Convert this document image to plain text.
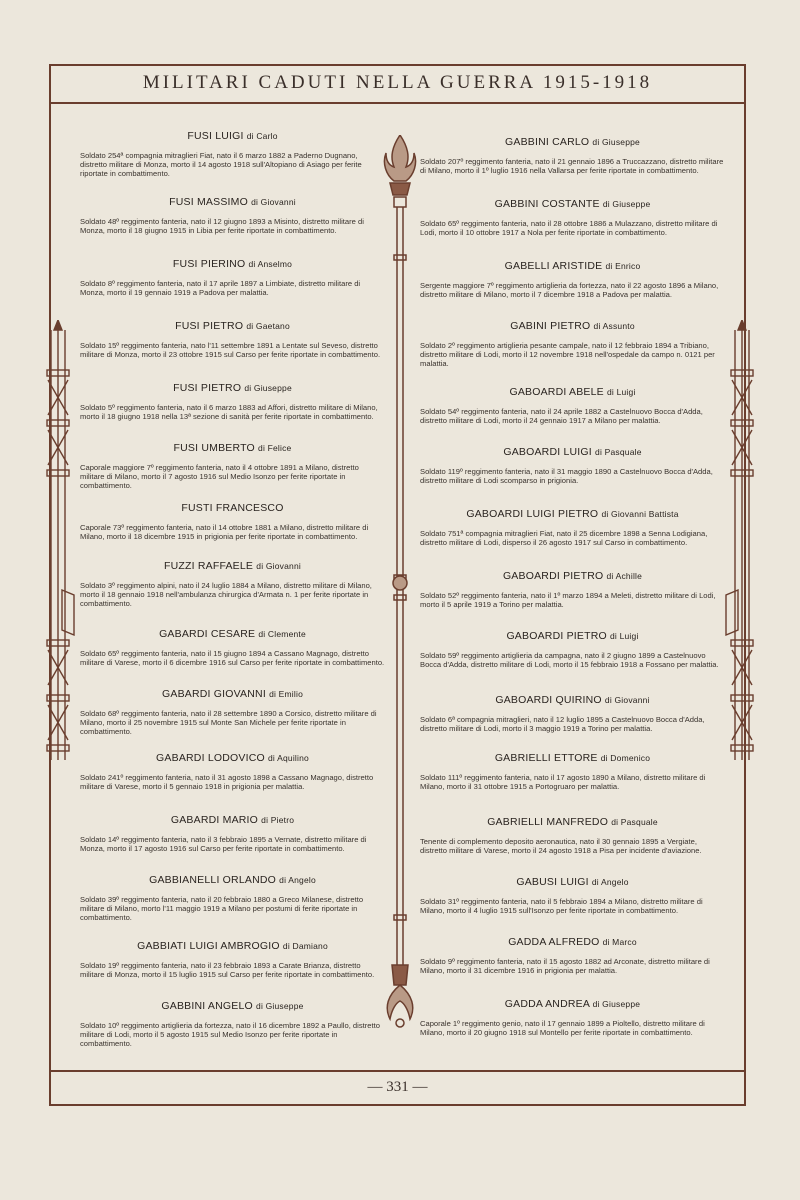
MILITARI CADUTI NELLA GUERRA 1915-1918
FUSI LUIGI di Carlo
Soldato 254ª compagnia mitraglieri Fiat, nato il 6 marzo 1882 a Paderno Dugnano, distretto militare di Monza, morto il 14 agosto 1918 sull'Altopiano di Asiago per ferite riportate in combattimento.
FUSI MASSIMO di Giovanni
Soldato 48º reggimento fanteria, nato il 12 giugno 1893 a Misinto, distretto militare di Monza, morto il 18 giugno 1915 in Libia per ferite riportate in combattimento.
FUSI PIERINO di Anselmo
Soldato 8º reggimento fanteria, nato il 17 aprile 1897 a Limbiate, distretto militare di Monza, morto il 19 gennaio 1919 a Padova per malattia.
FUSI PIETRO di Gaetano
Soldato 15º reggimento fanteria, nato l'11 settembre 1891 a Lentate sul Seveso, distretto militare di Monza, morto il 23 ottobre 1915 sul Carso per ferite riportate in combattimento.
FUSI PIETRO di Giuseppe
Soldato 5º reggimento fanteria, nato il 6 marzo 1883 ad Affori, distretto militare di Milano, morto il 18 giugno 1918 nella 13ª sezione di sanità per ferite riportate in combattimento.
FUSI UMBERTO di Felice
Caporale maggiore 7º reggimento fanteria, nato il 4 ottobre 1891 a Milano, distretto militare di Milano, morto il 7 agosto 1916 sul Medio Isonzo per ferite riportate in combattimento.
FUSTI FRANCESCO
Caporale 73º reggimento fanteria, nato il 14 ottobre 1881 a Milano, distretto militare di Milano, morto il 18 dicembre 1915 in prigionia per ferite riportate in combattimento.
FUZZI RAFFAELE di Giovanni
Soldato 3º reggimento alpini, nato il 24 luglio 1884 a Milano, distretto militare di Milano, morto il 18 gennaio 1918 nell'ambulanza chirurgica d'Armata n. 1 per ferite riportate in combattimento.
GABARDI CESARE di Clemente
Soldato 65º reggimento fanteria, nato il 15 giugno 1894 a Cassano Magnago, distretto militare di Varese, morto il 6 dicembre 1916 sul Carso per ferite riportate in combattimento.
GABARDI GIOVANNI di Emilio
Soldato 68º reggimento fanteria, nato il 28 settembre 1890 a Corsico, distretto militare di Milano, morto il 25 novembre 1915 sul Monte San Michele per ferite riportate in combattimento.
GABARDI LODOVICO di Aquilino
Soldato 241º reggimento fanteria, nato il 31 agosto 1898 a Cassano Magnago, distretto militare di Varese, morto il 5 gennaio 1918 in prigionia per malattia.
GABARDI MARIO di Pietro
Soldato 14º reggimento fanteria, nato il 3 febbraio 1895 a Vernate, distretto militare di Monza, morto il 17 agosto 1916 sul Carso per ferite riportate in combattimento.
GABBIANELLI ORLANDO di Angelo
Soldato 39º reggimento fanteria, nato il 20 febbraio 1880 a Greco Milanese, distretto militare di Milano, morto l'11 maggio 1919 a Milano per postumi di ferite riportate in combattimento.
GABBIATI LUIGI AMBROGIO di Damiano
Soldato 19º reggimento fanteria, nato il 23 febbraio 1893 a Carate Brianza, distretto militare di Monza, morto il 15 luglio 1915 sul Carso per ferite riportate in combattimento.
GABBINI ANGELO di Giuseppe
Soldato 10º reggimento artiglieria da fortezza, nato il 16 dicembre 1892 a Paullo, distretto militare di Lodi, morto il 5 agosto 1915 sul Medio Isonzo per ferite riportate in combattimento.
GABBINI CARLO di Giuseppe
Soldato 207º reggimento fanteria, nato il 21 gennaio 1896 a Truccazzano, distretto militare di Milano, morto il 1º luglio 1916 nella Vallarsa per ferite riportate in combattimento.
GABBINI COSTANTE di Giuseppe
Soldato 65º reggimento fanteria, nato il 28 ottobre 1886 a Mulazzano, distretto militare di Lodi, morto il 10 ottobre 1917 a Nola per ferite riportate in combattimento.
GABELLI ARISTIDE di Enrico
Sergente maggiore 7º reggimento artiglieria da fortezza, nato il 22 agosto 1896 a Milano, distretto militare di Milano, morto il 7 dicembre 1918 a Padova per malattia.
GABINI PIETRO di Assunto
Soldato 2º reggimento artiglieria pesante campale, nato il 12 febbraio 1894 a Tribiano, distretto militare di Lodi, morto il 12 novembre 1918 nell'ospedale da campo n. 0121 per malattia.
GABOARDI ABELE di Luigi
Soldato 54º reggimento fanteria, nato il 24 aprile 1882 a Castelnuovo Bocca d'Adda, distretto militare di Lodi, morto il 24 gennaio 1917 a Milano per malattia.
GABOARDI LUIGI di Pasquale
Soldato 119º reggimento fanteria, nato il 31 maggio 1890 a Castelnuovo Bocca d'Adda, distretto militare di Lodi scomparso in prigionia.
GABOARDI LUIGI PIETRO di Giovanni Battista
Soldato 751ª compagnia mitraglieri Fiat, nato il 25 dicembre 1898 a Senna Lodigiana, distretto militare di Lodi, disperso il 26 agosto 1917 sul Carso in combattimento.
GABOARDI PIETRO di Achille
Soldato 52º reggimento fanteria, nato il 1º marzo 1894 a Meleti, distretto militare di Lodi, morto il 5 aprile 1919 a Torino per malattia.
GABOARDI PIETRO di Luigi
Soldato 59º reggimento artiglieria da campagna, nato il 2 giugno 1899 a Castelnuovo Bocca d'Adda, distretto militare di Lodi, morto il 15 febbraio 1918 a Fossano per malattia.
GABOARDI QUIRINO di Giovanni
Soldato 6ª compagnia mitraglieri, nato il 12 luglio 1895 a Castelnuovo Bocca d'Adda, distretto militare di Lodi, morto il 3 maggio 1919 a Torino per malattia.
GABRIELLI ETTORE di Domenico
Soldato 111º reggimento fanteria, nato il 17 agosto 1890 a Milano, distretto militare di Milano, morto il 31 ottobre 1915 a Portogruaro per malattia.
GABRIELLI MANFREDO di Pasquale
Tenente di complemento deposito aeronautica, nato il 30 gennaio 1895 a Vergiate, distretto militare di Varese, morto il 24 agosto 1918 a Pisa per incidente d'aviazione.
GABUSI LUIGI di Angelo
Soldato 31º reggimento fanteria, nato il 5 febbraio 1894 a Milano, distretto militare di Milano, morto il 4 luglio 1915 sull'Isonzo per ferite riportate in combattimento.
GADDA ALFREDO di Marco
Soldato 9º reggimento fanteria, nato il 15 agosto 1882 ad Arconate, distretto militare di Milano, morto il 31 dicembre 1916 in prigionia per malattia.
GADDA ANDREA di Giuseppe
Caporale 1º reggimento genio, nato il 17 gennaio 1899 a Pioltello, distretto militare di Milano, morto il 20 giugno 1918 sul Montello per ferite riportate in combattimento.
— 331 —
